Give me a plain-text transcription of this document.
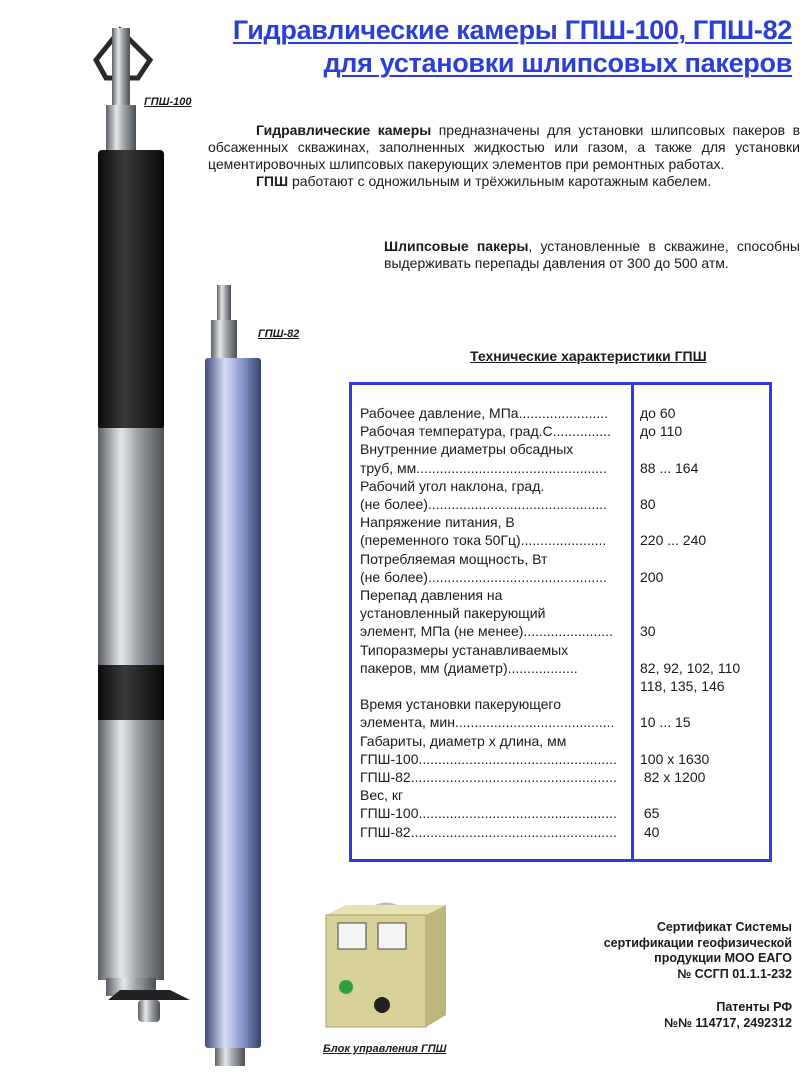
Гидравлические камеры ГПШ-100, ГПШ-82
для установки шлипсовых пакеров

Гидравлические камеры предназначены для установки шлипсовых пакеров в обсаженных скважинах, заполненных жидкостью или газом, а также для установки цементировочных шлипсовых пакерующих элементов при ремонтных работах.

ГПШ работают с одножильным и трёхжильным каротажным кабелем.

Шлипсовые пакеры, установленные в скважине, способны выдерживать перепады давления от 300 до 500 атм.

Технические характеристики ГПШ
Рабочее давление, МПа.......................
Рабочая температура, град.С...............
Внутренние диаметры обсадных
труб, мм.................................................
Рабочий угол наклона, град.
(не более)..............................................
Напряжение питания, В
(переменного тока 50Гц)......................
Потребляемая мощность, Вт
(не более)..............................................
Перепад давления на
установленный пакерующий
элемент, МПа (не менее).......................
Типоразмеры устанавливаемых
пакеров, мм (диаметр)..................

Время установки пакерующего
элемента, мин.........................................
Габариты, диаметр х длина, мм
ГПШ-100...................................................
ГПШ-82.....................................................
Вес, кг
ГПШ-100...................................................
ГПШ-82.....................................................
до 60
до 110

88 ... 164

80

220 ... 240

200

30

82, 92, 102, 110
118, 135, 146

10 ... 15

100 х 1630
82 х 1200

65
40
ГПШ-100
ГПШ-82
Блок управления ГПШ
Сертификат Системы
сертификации геофизической
продукции МОО ЕАГО
№ ССГП 01.1.1-232
Патенты РФ
№№ 114717, 2492312
